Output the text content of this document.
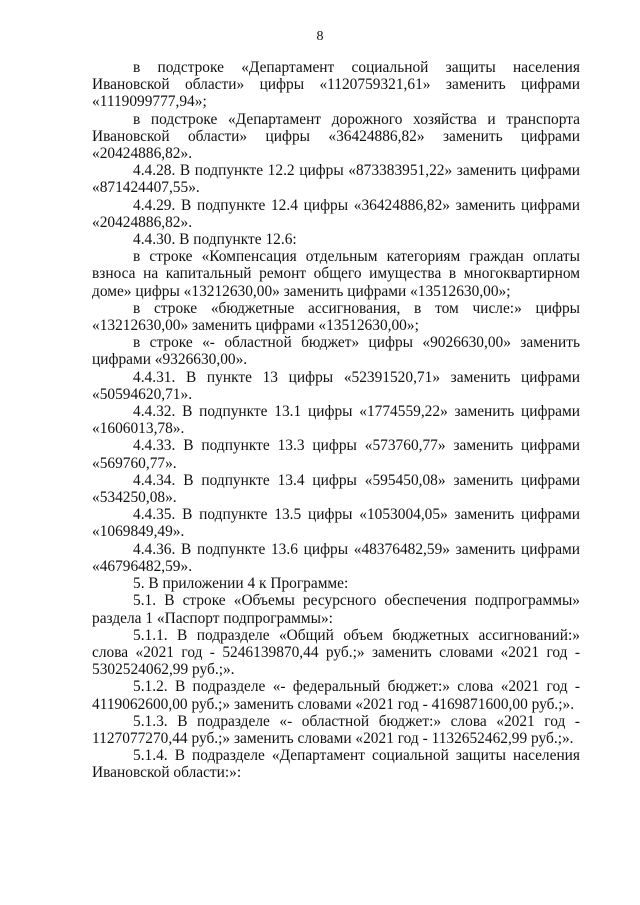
8

в подстроке «Департамент социальной защиты населения Ивановской области» цифры «1120759321,61» заменить цифрами «1119099777,94»;

в подстроке «Департамент дорожного хозяйства и транспорта Ивановской области» цифры «36424886,82» заменить цифрами «20424886,82».

4.4.28. В подпункте 12.2 цифры «873383951,22» заменить цифрами «871424407,55».

4.4.29. В подпункте 12.4 цифры «36424886,82» заменить цифрами «20424886,82».

4.4.30. В подпункте 12.6:

в строке «Компенсация отдельным категориям граждан оплаты взноса на капитальный ремонт общего имущества в многоквартирном доме» цифры «13212630,00» заменить цифрами «13512630,00»;

в строке «бюджетные ассигнования, в том числе:» цифры «13212630,00» заменить цифрами «13512630,00»;

в строке «- областной бюджет» цифры «9026630,00» заменить цифрами «9326630,00».

4.4.31. В пункте 13 цифры «52391520,71» заменить цифрами «50594620,71».

4.4.32. В подпункте 13.1 цифры «1774559,22» заменить цифрами «1606013,78».

4.4.33. В подпункте 13.3 цифры «573760,77» заменить цифрами «569760,77».

4.4.34. В подпункте 13.4 цифры «595450,08» заменить цифрами «534250,08».

4.4.35. В подпункте 13.5 цифры «1053004,05» заменить цифрами «1069849,49».

4.4.36. В подпункте 13.6 цифры «48376482,59» заменить цифрами «46796482,59».

5. В приложении 4 к Программе:

5.1. В строке «Объемы ресурсного обеспечения подпрограммы» раздела 1 «Паспорт подпрограммы»:

5.1.1. В подразделе «Общий объем бюджетных ассигнований:» слова «2021 год - 5246139870,44 руб.;» заменить словами «2021 год - 5302524062,99 руб.;».

5.1.2. В подразделе «- федеральный бюджет:» слова «2021 год - 4119062600,00 руб.;» заменить словами «2021 год - 4169871600,00 руб.;».

5.1.3. В подразделе «- областной бюджет:» слова «2021 год - 1127077270,44 руб.;» заменить словами «2021 год - 1132652462,99 руб.;».

5.1.4. В подразделе «Департамент социальной защиты населения Ивановской области:»:
